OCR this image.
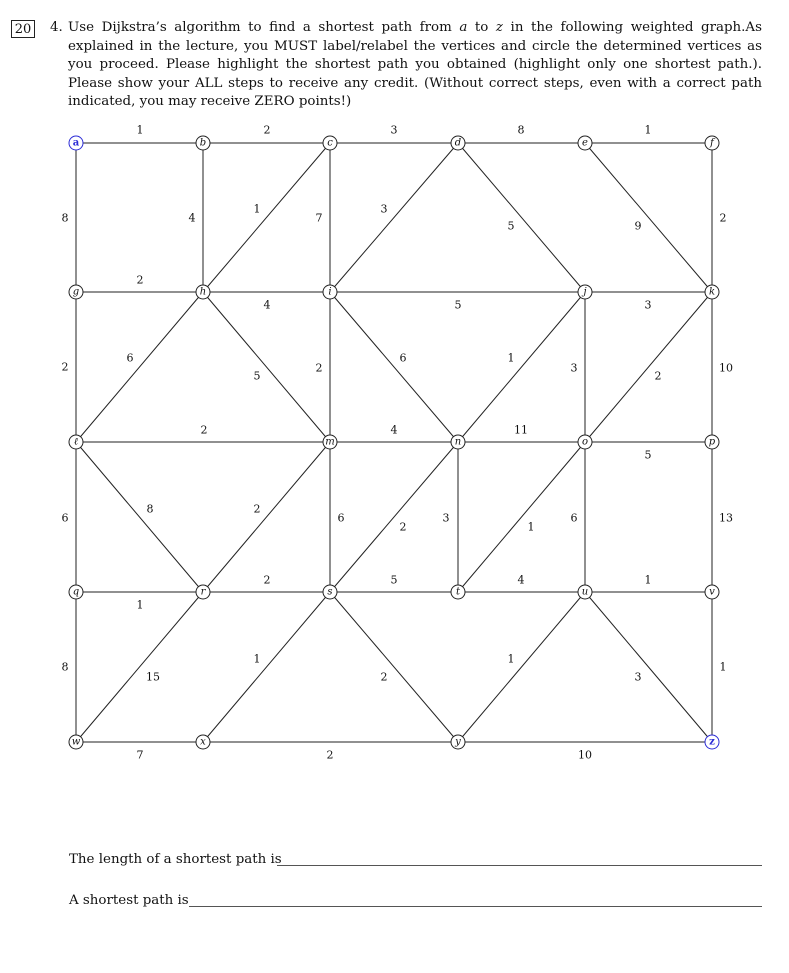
20 4. Use Dijkstra’s algorithm to find a shortest path from a to z in the following weighted graph.As explained in the lecture, you MUST label/relabel the vertices and circle the determined vertices as you proceed. Please highlight the shortest path you obtained (highlight only one shortest path.). Please show your ALL steps to receive any credit. (Without correct steps, even with a correct path indicated, you may receive ZERO points!)
1	2	3	8	1
8	4
1
7
3
5	9
2
2
4	5	3
2
6
5
2
6	1
3
2
10
2	4	11
5
6
8	2
6
2
3
1
6	13
1
2	5	4	1
8
15
1
2
1
3
1
7	2	10
a	b	c	d	e	f
g	h	i	j	k
ℓ	m	n	o	p
q	r	s	t	u	v
w	x	y	z
The length of a shortest path is
A shortest path is
